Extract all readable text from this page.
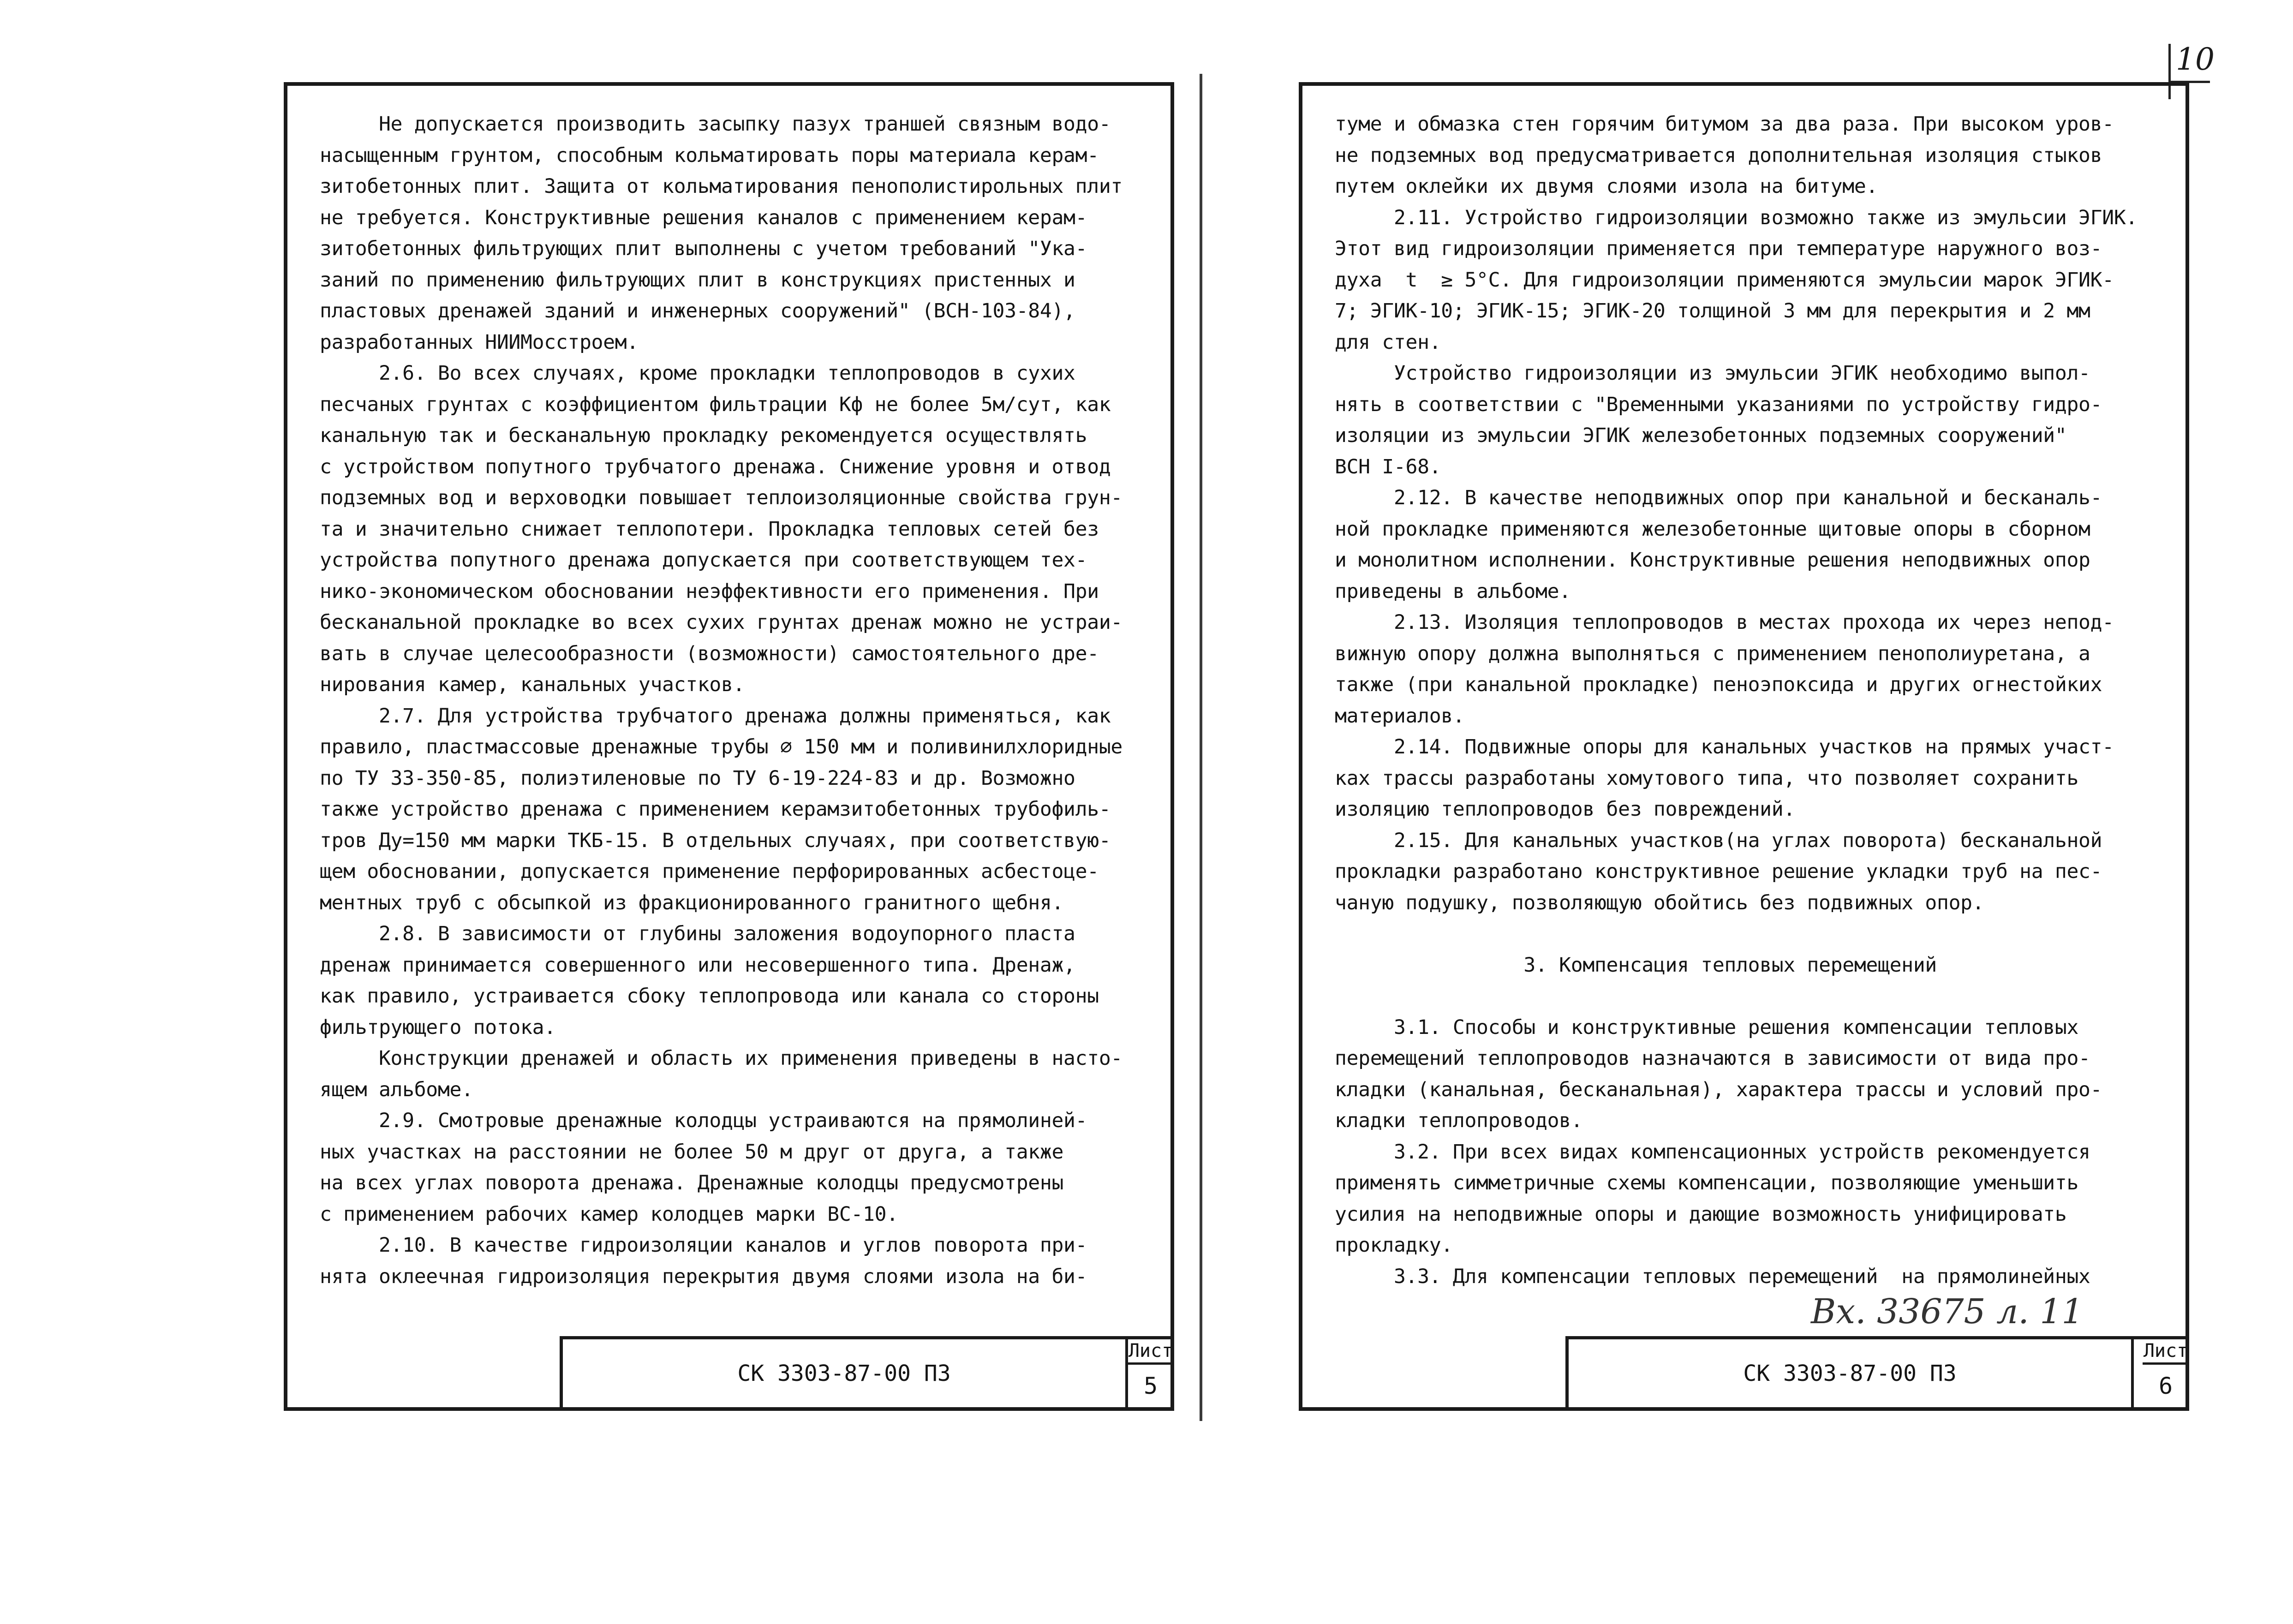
10
Не допускается производить засыпку пазух траншей связным водо-
насыщенным грунтом, способным кольматировать поры материала керам-
зитобетонных плит. Защита от кольматирования пенополистирольных плит
не требуется. Конструктивные решения каналов с применением керам-
зитобетонных фильтрующих плит выполнены с учетом требований "Ука-
заний по применению фильтрующих плит в конструкциях пристенных и
пластовых дренажей зданий и инженерных сооружений" (ВСН-103-84),
разработанных НИИМосстроем.
2.6. Во всех случаях, кроме прокладки теплопроводов в сухих
песчаных грунтах с коэффициентом фильтрации Кф не более 5м/сут, как
канальную так и бесканальную прокладку рекомендуется осуществлять
с устройством попутного трубчатого дренажа. Снижение уровня и отвод
подземных вод и верховодки повышает теплоизоляционные свойства грун-
та и значительно снижает теплопотери. Прокладка тепловых сетей без
устройства попутного дренажа допускается при соответствующем тех-
нико-экономическом обосновании неэффективности его применения. При
бесканальной прокладке во всех сухих грунтах дренаж можно не устраи-
вать в случае целесообразности (возможности) самостоятельного дре-
нирования камер, канальных участков.
2.7. Для устройства трубчатого дренажа должны применяться, как
правило, пластмассовые дренажные трубы ∅ 150 мм и поливинилхлоридные
по ТУ 33-350-85, полиэтиленовые по ТУ 6-19-224-83 и др. Возможно
также устройство дренажа с применением керамзитобетонных трубофиль-
тров Ду=150 мм марки ТКБ-15. В отдельных случаях, при соответствую-
щем обосновании, допускается применение перфорированных асбестоце-
ментных труб с обсыпкой из фракционированного гранитного щебня.
2.8. В зависимости от глубины заложения водоупорного пласта
дренаж принимается совершенного или несовершенного типа. Дренаж,
как правило, устраивается сбоку теплопровода или канала со стороны
фильтрующего потока.
Конструкции дренажей и область их применения приведены в насто-
ящем альбоме.
2.9. Смотровые дренажные колодцы устраиваются на прямолиней-
ных участках на расстоянии не более 50 м друг от друга, а также
на всех углах поворота дренажа. Дренажные колодцы предусмотрены
с применением рабочих камер колодцев марки ВС-10.
2.10. В качестве гидроизоляции каналов и углов поворота при-
нята оклеечная гидроизоляция перекрытия двумя слоями изола на би-
СК 3303-87-00 ПЗ
Лист
5
туме и обмазка стен горячим битумом за два раза. При высоком уров-
не подземных вод предусматривается дополнительная изоляция стыков
путем оклейки их двумя слоями изола на битуме.
2.11. Устройство гидроизоляции возможно также из эмульсии ЭГИК.
Этот вид гидроизоляции применяется при температуре наружного воз-
духа  t  ≥ 5°С. Для гидроизоляции применяются эмульсии марок ЭГИК-
7; ЭГИК-10; ЭГИК-15; ЭГИК-20 толщиной 3 мм для перекрытия и 2 мм
для стен.
Устройство гидроизоляции из эмульсии ЭГИК необходимо выпол-
нять в соответствии с "Временными указаниями по устройству гидро-
изоляции из эмульсии ЭГИК железобетонных подземных сооружений"
ВСН I-68.
2.12. В качестве неподвижных опор при канальной и бесканаль-
ной прокладке применяются железобетонные щитовые опоры в сборном
и монолитном исполнении. Конструктивные решения неподвижных опор
приведены в альбоме.
2.13. Изоляция теплопроводов в местах прохода их через непод-
вижную опору должна выполняться с применением пенополиуретана, а
также (при канальной прокладке) пеноэпоксида и других огнестойких
материалов.
2.14. Подвижные опоры для канальных участков на прямых участ-
ках трассы разработаны хомутового типа, что позволяет сохранить
изоляцию теплопроводов без повреждений.
2.15. Для канальных участков(на углах поворота) бесканальной
прокладки разработано конструктивное решение укладки труб на пес-
чаную подушку, позволяющую обойтись без подвижных опор.

3. Компенсация тепловых перемещений

3.1. Способы и конструктивные решения компенсации тепловых
перемещений теплопроводов назначаются в зависимости от вида про-
кладки (канальная, бесканальная), характера трассы и условий про-
кладки теплопроводов.
3.2. При всех видах компенсационных устройств рекомендуется
применять симметричные схемы компенсации, позволяющие уменьшить
усилия на неподвижные опоры и дающие возможность унифицировать
прокладку.
3.3. Для компенсации тепловых перемещений  на прямолинейных
СК 3303-87-00 ПЗ
Лист
6
Вх. 33675 л. 11
